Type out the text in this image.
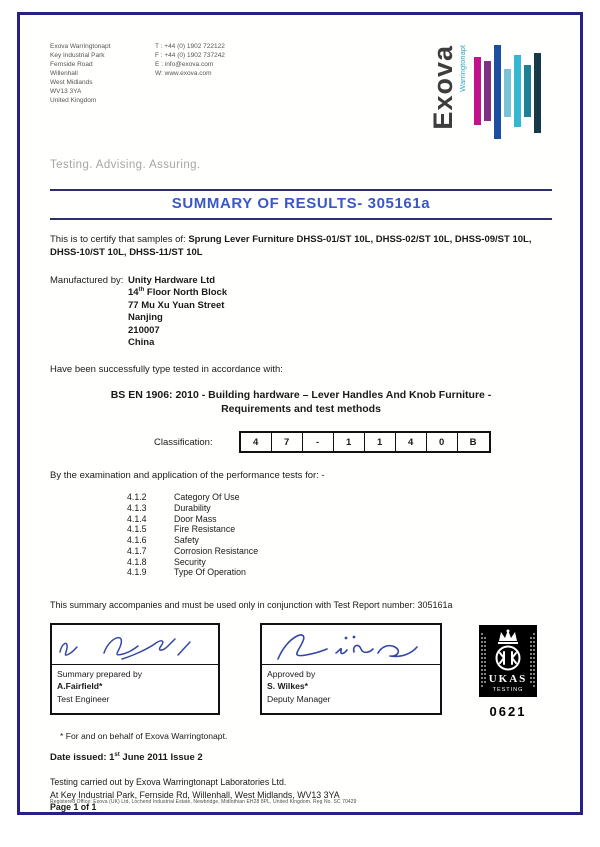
Exova Warringtonapt
Key Industrial Park
Fernside Road
Willenhall
West Midlands
WV13 3YA
United Kingdom
T : +44 (0) 1902 722122
F : +44 (0) 1902 737242
E : info@exova.com
W: www.exova.com	Exova Warringtonapt
Testing. Advising. Assuring.
SUMMARY OF RESULTS- 305161a
This is to certify that samples of: Sprung Lever Furniture DHSS-01/ST 10L, DHSS-02/ST 10L, DHSS-09/ST 10L, DHSS-10/ST 10L, DHSS-11/ST 10L
Manufactured by: Unity Hardware Ltd
14th Floor North Block
77 Mu Xu Yuan Street
Nanjing
210007
China
Have been successfully type tested in accordance with:
BS EN 1906: 2010 - Building hardware – Lever Handles And Knob Furniture -
Requirements and test methods
Classification:	4	7	-	1	1	4	0	B
By the examination and application of the performance tests for: -
4.1.2	Category Of Use
4.1.3	Durability
4.1.4	Door Mass
4.1.5	Fire Resistance
4.1.6	Safety
4.1.7	Corrosion Resistance
4.1.8	Security
4.1.9	Type Of Operation
This summary accompanies and must be used only in conjunction with Test Report number: 305161a
Summary prepared by
A.Fairfield*
Test Engineer
Approved by
S. Wilkes*
Deputy Manager
UKAS
TESTING
0621
* For and on behalf of Exova Warringtonapt.
Date issued: 1st June 2011 Issue 2
Testing carried out by Exova Warringtonapt Laboratories Ltd.
At Key Industrial Park, Fernside Rd, Willenhall, West Midlands, WV13 3YA
Page 1 of 1
Registered Office: Exova (UK) Ltd, Lochend Industrial Estate, Newbridge, Midlothian EH28 8PL, United Kingdom. Reg No. SC 70429
